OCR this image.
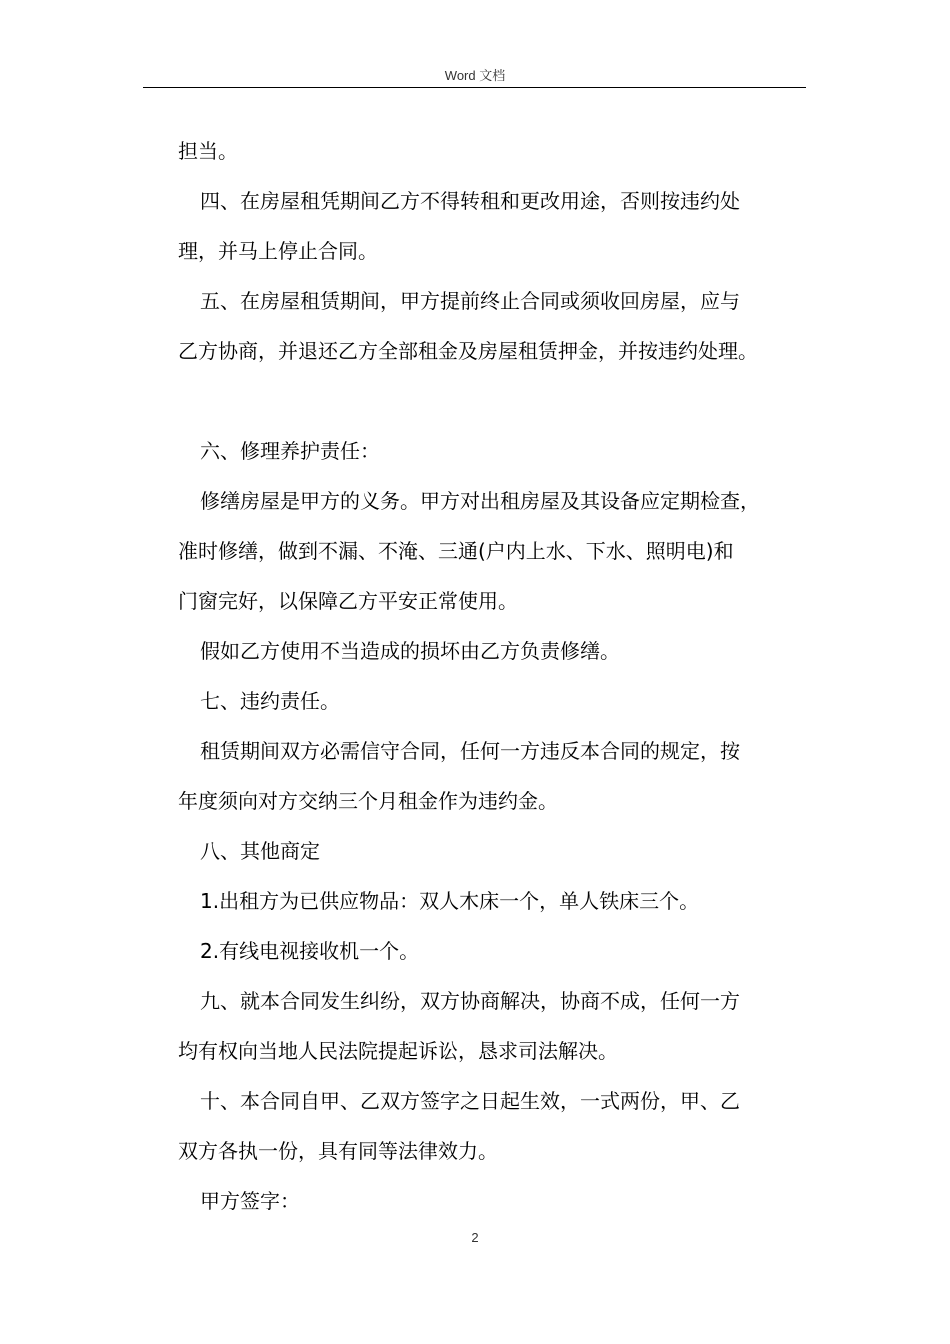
Word 文档
担当。
四、在房屋租凭期间乙方不得转租和更改用途，否则按违约处
理，并马上停止合同。
五、在房屋租赁期间，甲方提前终止合同或须收回房屋，应与
乙方协商，并退还乙方全部租金及房屋租赁押金，并按违约处理。
六、修理养护责任：
修缮房屋是甲方的义务。甲方对出租房屋及其设备应定期检查，
准时修缮，做到不漏、不淹、三通(户内上水、下水、照明电)和
门窗完好，以保障乙方平安正常使用。
假如乙方使用不当造成的损坏由乙方负责修缮。
七、违约责任。
租赁期间双方必需信守合同，任何一方违反本合同的规定，按
年度须向对方交纳三个月租金作为违约金。
八、其他商定
1.出租方为已供应物品：双人木床一个，单人铁床三个。
2.有线电视接收机一个。
九、就本合同发生纠纷，双方协商解决，协商不成，任何一方
均有权向当地人民法院提起诉讼，恳求司法解决。
十、本合同自甲、乙双方签字之日起生效，一式两份，甲、乙
双方各执一份，具有同等法律效力。
甲方签字：
2
